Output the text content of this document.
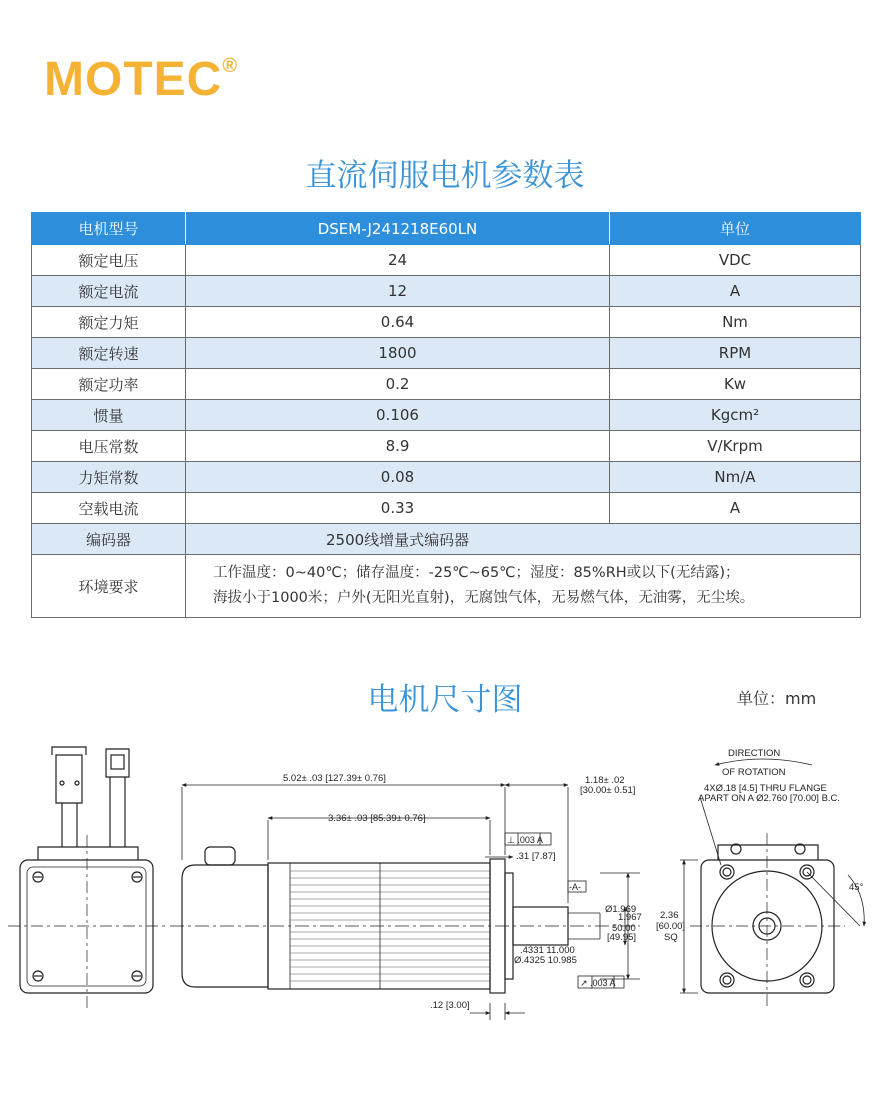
MOTEC®
直流伺服电机参数表
电机型号	DSEM-J241218E60LN	单位
额定电压	24	VDC
额定电流	12	A
额定力矩	0.64	Nm
额定转速	1800	RPM
额定功率	0.2	Kw
惯量	0.106	Kgcm²
电压常数	8.9	V/Krpm
力矩常数	0.08	Nm/A
空载电流	0.33	A
编码器	2500线增量式编码器	
环境要求	工作温度：0~40℃；储存温度：-25℃~65℃；湿度：85%RH或以下(无结露)；
海拔小于1000米；户外(无阳光直射)，无腐蚀气体，无易燃气体，无油雾，无尘埃。	
电机尺寸图	单位：mm
5.02± .03 [127.39± 0.76]
3.36± .03 [85.39± 0.76]
1.18± .02
[30.00± 0.51]
⊥ .003 A
.31 [7.87]
-A-
Ø1.969
1.967
50.00
[49.95]
.4331 11.000
Ø.4325 10.985
↗ .003 A
.12 [3.00]
DIRECTION
OF ROTATION
4XØ.18 [4.5] THRU FLANGE
APART ON A Ø2.760 [70.00] B.C.
45°
2.36
[60.00]
SQ
